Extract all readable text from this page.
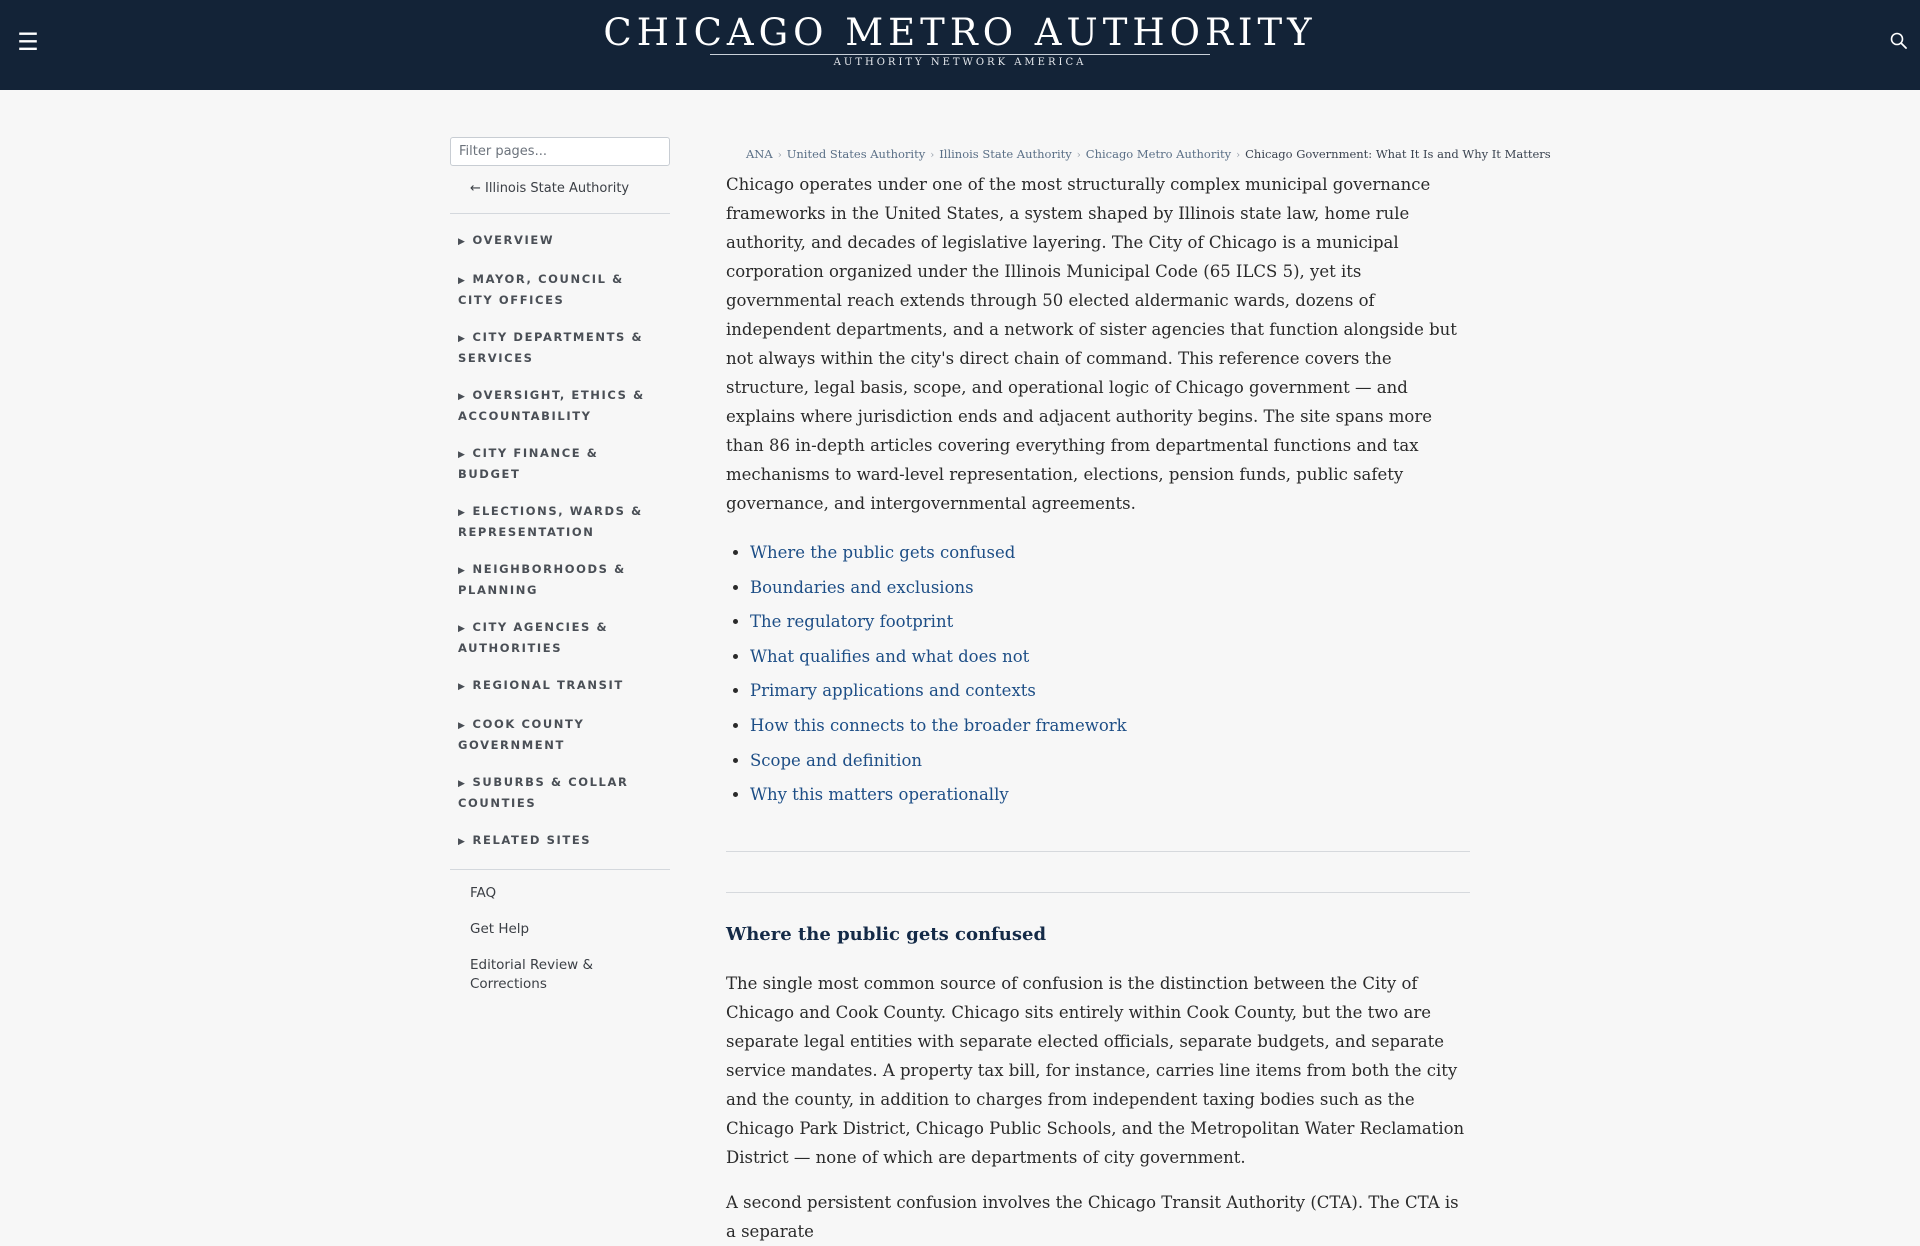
☰	CHICAGO METRO AUTHORITY
AUTHORITY NETWORK AMERICA
Filter pages...
← Illinois State Authority
▶ OVERVIEW
▶ MAYOR, COUNCIL & CITY OFFICES
▶ CITY DEPARTMENTS & SERVICES
▶ OVERSIGHT, ETHICS & ACCOUNTABILITY
▶ CITY FINANCE & BUDGET
▶ ELECTIONS, WARDS & REPRESENTATION
▶ NEIGHBORHOODS & PLANNING
▶ CITY AGENCIES & AUTHORITIES
▶ REGIONAL TRANSIT
▶ COOK COUNTY GOVERNMENT
▶ SUBURBS & COLLAR COUNTIES
▶ RELATED SITES
FAQ
Get Help
Editorial Review & Corrections
ANA › United States Authority › Illinois State Authority › Chicago Metro Authority › Chicago Government: What It Is and Why It Matters

Chicago operates under one of the most structurally complex municipal governance frameworks in the United States, a system shaped by Illinois state law, home rule authority, and decades of legislative layering. The City of Chicago is a municipal corporation organized under the Illinois Municipal Code (65 ILCS 5), yet its governmental reach extends through 50 elected aldermanic wards, dozens of independent departments, and a network of sister agencies that function alongside but not always within the city's direct chain of command. This reference covers the structure, legal basis, scope, and operational logic of Chicago government — and explains where jurisdiction ends and adjacent authority begins. The site spans more than 86 in-depth articles covering everything from departmental functions and tax mechanisms to ward-level representation, elections, pension funds, public safety governance, and intergovernmental agreements.

• Where the public gets confused
• Boundaries and exclusions
• The regulatory footprint
• What qualifies and what does not
• Primary applications and contexts
• How this connects to the broader framework
• Scope and definition
• Why this matters operationally
Where the public gets confused

The single most common source of confusion is the distinction between the City of Chicago and Cook County. Chicago sits entirely within Cook County, but the two are separate legal entities with separate elected officials, separate budgets, and separate service mandates. A property tax bill, for instance, carries line items from both the city and the county, in addition to charges from independent taxing bodies such as the Chicago Park District, Chicago Public Schools, and the Metropolitan Water Reclamation District — none of which are departments of city government.

A second persistent confusion involves the Chicago Transit Authority (CTA). The CTA is a separate
